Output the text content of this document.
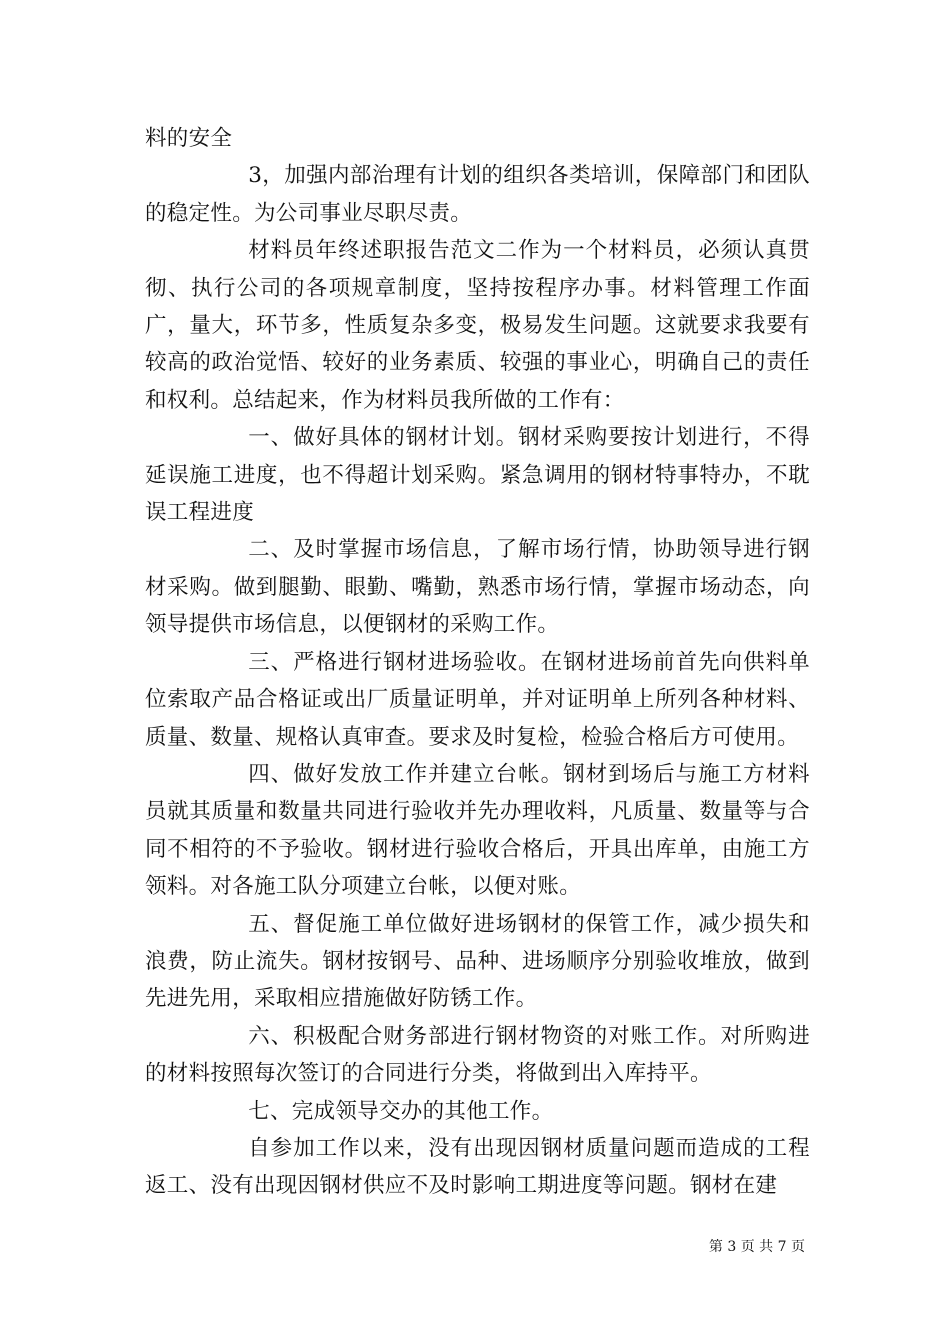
料的安全

3，加强内部治理有计划的组织各类培训，保障部门和团队的稳定性。为公司事业尽职尽责。

材料员年终述职报告范文二作为一个材料员，必须认真贯彻、执行公司的各项规章制度，坚持按程序办事。材料管理工作面广，量大，环节多，性质复杂多变，极易发生问题。这就要求我要有较高的政治觉悟、较好的业务素质、较强的事业心，明确自己的责任和权利。总结起来，作为材料员我所做的工作有：

一、做好具体的钢材计划。钢材采购要按计划进行，不得延误施工进度，也不得超计划采购。紧急调用的钢材特事特办，不耽误工程进度

二、及时掌握市场信息，了解市场行情，协助领导进行钢材采购。做到腿勤、眼勤、嘴勤，熟悉市场行情，掌握市场动态，向领导提供市场信息，以便钢材的采购工作。

三、严格进行钢材进场验收。在钢材进场前首先向供料单位索取产品合格证或出厂质量证明单，并对证明单上所列各种材料、质量、数量、规格认真审查。要求及时复检，检验合格后方可使用。

四、做好发放工作并建立台帐。钢材到场后与施工方材料员就其质量和数量共同进行验收并先办理收料，凡质量、数量等与合同不相符的不予验收。钢材进行验收合格后，开具出库单，由施工方领料。对各施工队分项建立台帐，以便对账。

五、督促施工单位做好进场钢材的保管工作，减少损失和浪费，防止流失。钢材按钢号、品种、进场顺序分别验收堆放，做到先进先用，采取相应措施做好防锈工作。

六、积极配合财务部进行钢材物资的对账工作。对所购进的材料按照每次签订的合同进行分类，将做到出入库持平。

七、完成领导交办的其他工作。

自参加工作以来，没有出现因钢材质量问题而造成的工程返工、没有出现因钢材供应不及时影响工期进度等问题。钢材在建

第 3 页 共 7 页
